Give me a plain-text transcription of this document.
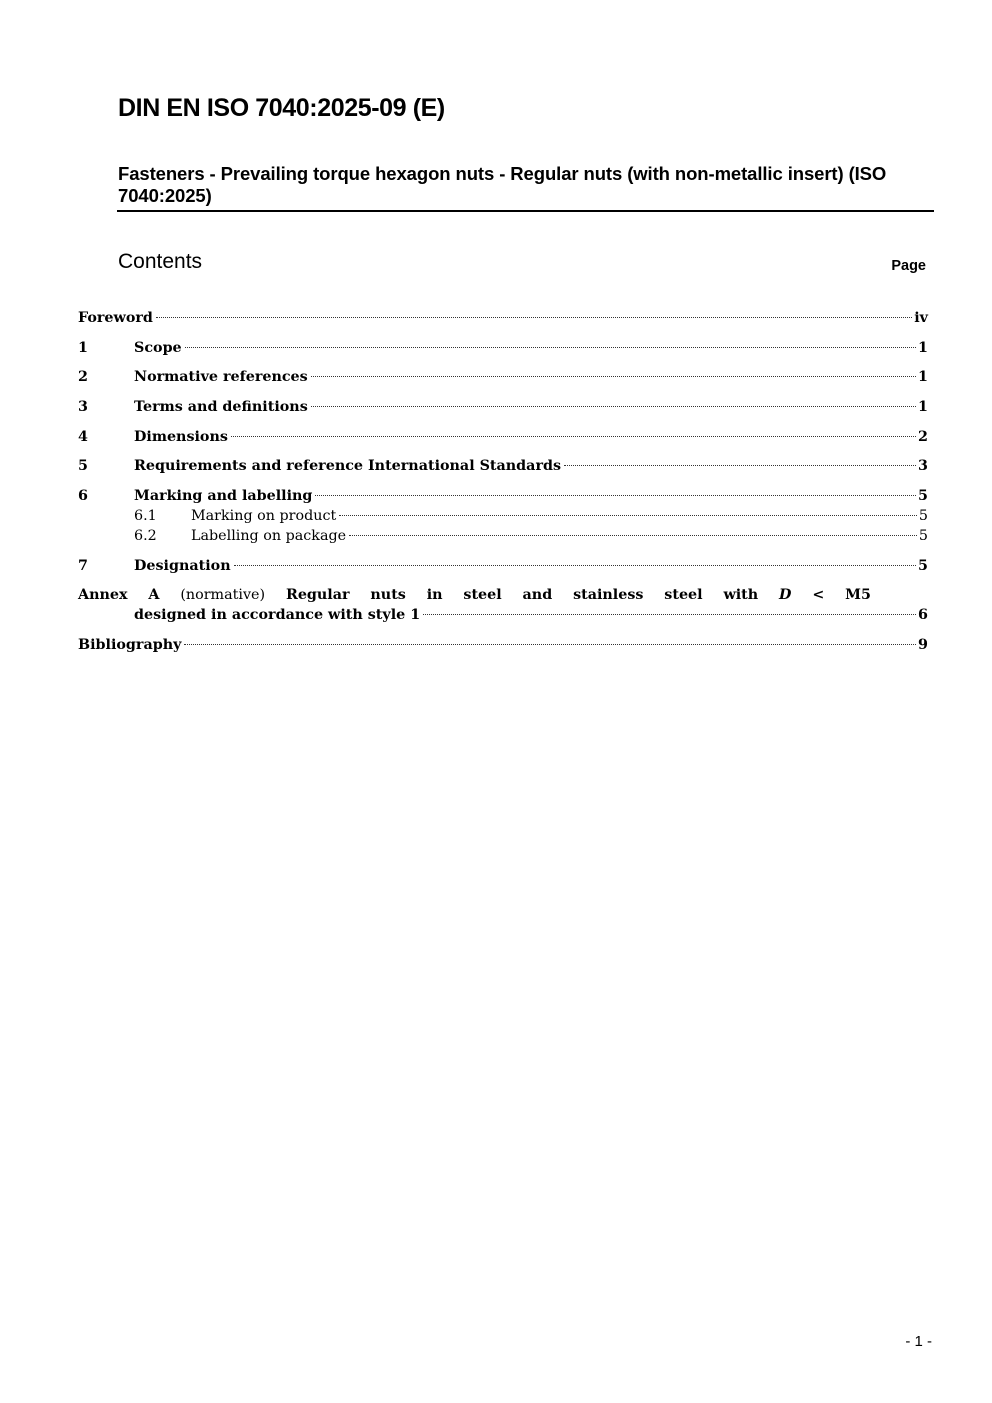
DIN EN ISO 7040:2025-09 (E)
Fasteners - Prevailing torque hexagon nuts - Regular nuts (with non-metallic insert) (ISO 7040:2025)
Contents	Page
Foreword	iv
1	Scope	1
2	Normative references	1
3	Terms and definitions	1
4	Dimensions	2
5	Requirements and reference International Standards	3
6	Marking and labelling	5
6.1 Marking on product	5
6.2 Labelling on package	5
7	Designation	5
Annex A (normative) Regular nuts in steel and stainless steel with D < M5
designed in accordance with style 1	6
Bibliography	9
- 1 -
